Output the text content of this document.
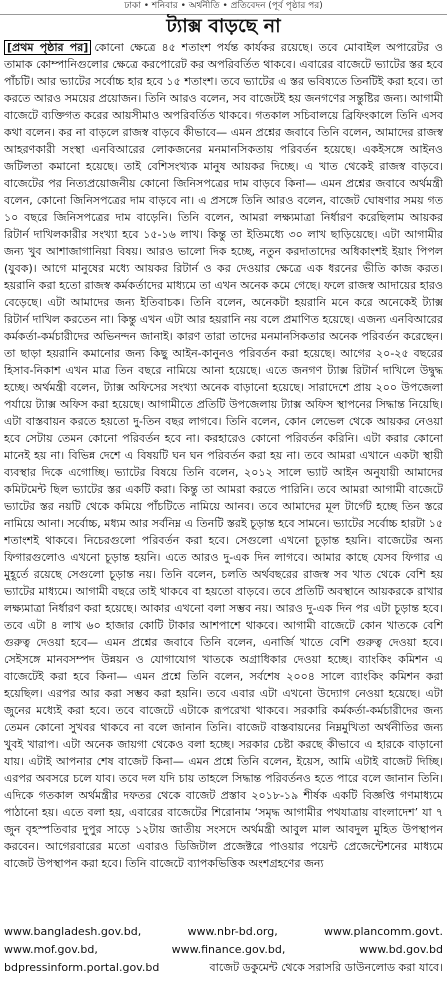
ঢাকা • শনিবার • অর্থনীতি • প্রতিবেদন (পূর্ব পৃষ্ঠার পর)
ট্যাক্স বাড়ছে না

[প্রথম পৃষ্ঠার পর] কোনো ক্ষেত্রে ৪৫ শতাংশ পর্যন্ত কার্যকর রয়েছে। তবে মোবাইল অপারেটর ও তামাক কোম্পানিগুলোর ক্ষেত্রে করপোরেট কর অপরিবর্তিত থাকবে। এবারের বাজেটে ভ্যাটের স্তর হবে পাঁচটি। আর ভ্যাটের সর্বোচ্চ হার হবে ১৫ শতাংশ। তবে ভ্যাটের এ স্তর ভবিষ্যতে তিনটিই করা হবে। তা করতে আরও সময়ের প্রয়োজন। তিনি আরও বলেন, সব বাজেটই হয় জনগণের সন্তুষ্টির জন্য। আগামী বাজেটে ব্যক্তিগত করের আয়সীমাও অপরিবর্তিত থাকবে। গতকাল সচিবালয়ে ব্রিফিংকালে তিনি এসব কথা বলেন। কর না বাড়লে রাজস্ব বাড়বে কীভাবে— এমন প্রশ্নের জবাবে তিনি বলেন, আমাদের রাজস্ব আহরণকারী সংস্থা এনবিআরের লোকজনের মনমানসিকতায় পরিবর্তন হয়েছে। একইসঙ্গে আইনও জটিলতা কমানো হয়েছে। তাই বেশিসংখ্যক মানুষ আয়কর দিচ্ছে। এ খাত থেকেই রাজস্ব বাড়বে। বাজেটের পর নিত্যপ্রয়োজনীয় কোনো জিনিসপত্রের দাম বাড়বে কিনা— এমন প্রশ্নের জবাবে অর্থমন্ত্রী বলেন, কোনো জিনিসপত্রের দাম বাড়বে না। এ প্রসঙ্গে তিনি আরও বলেন, বাজেট ঘোষণার সময় গত ১০ বছরে জিনিসপত্রের দাম বাড়েনি। তিনি বলেন, আমরা লক্ষ্যমাত্রা নির্ধারণ করেছিলাম আয়কর রিটার্ন দাখিলকারীর সংখ্যা হবে ১৫-১৬ লাখ। কিন্তু তা ইতিমধ্যে ৩০ লাখ ছাড়িয়েছে। এটা আগামীর জন্য খুব আশাজাগানিয়া বিষয়। আরও ভালো দিক হচ্ছে, নতুন করদাতাদের অধিকাংশই ইয়াং পিপল (যুবক)। আগে মানুষের মধ্যে আয়কর রিটার্ন ও কর দেওয়ার ক্ষেত্রে এক ধরনের ভীতি কাজ করত। হয়রানি করা হতো রাজস্ব কর্মকর্তাদের মাধ্যমে তা এখন অনেক কমে গেছে। ফলে রাজস্ব আদায়ের হারও বেড়েছে। এটা আমাদের জন্য ইতিবাচক। তিনি বলেন, অনেকটা হয়রানি মনে করে অনেকেই ট্যাক্স রিটার্ন দাখিল করতেন না। কিন্তু এখন এটা আর হয়রানি নয় বলে প্রমাণিত হয়েছে। এজন্য এনবিআরের কর্মকর্তা-কর্মচারীদের অভিনন্দন জানাই। কারণ তারা তাদের মনমানসিকতার অনেক পরিবর্তন করেছেন। তা ছাড়া হয়রানি কমানোর জন্য কিছু আইন-কানুনও পরিবর্তন করা হয়েছে। আগের ২০-২৫ বছরের হিসাব-নিকাশ এখন মাত্র তিন বছরে নামিয়ে আনা হয়েছে। এতে জনগণ ট্যাক্স রিটার্ন দাখিলে উদ্বুদ্ধ হচ্ছে। অর্থমন্ত্রী বলেন, ট্যাক্স অফিসের সংখ্যা অনেক বাড়ানো হয়েছে। সারাদেশে প্রায় ২০০ উপজেলা পর্যায়ে ট্যাক্স অফিস করা হয়েছে। আগামীতে প্রতিটি উপজেলায় ট্যাক্স অফিস স্থাপনের সিদ্ধান্ত নিয়েছি। এটা বাস্তবায়ন করতে হয়তো দু-তিন বছর লাগবে। তিনি বলেন, কোন লেভেল থেকে আয়কর নেওয়া হবে সেটায় তেমন কোনো পরিবর্তন হবে না। করহারেও কোনো পরিবর্তন করিনি। এটা করার কোনো মানেই হয় না। বিভিন্ন দেশে এ বিষয়টি ঘন ঘন পরিবর্তন করা হয় না। তবে আমরা এখানে একটা স্থায়ী ব্যবস্থার দিকে এগোচ্ছি। ভ্যাটের বিষয়ে তিনি বলেন, ২০১২ সালে ভ্যাট আইন অনুযায়ী আমাদের কমিটমেন্ট ছিল ভ্যাটের স্তর একটি করা। কিন্তু তা আমরা করতে পারিনি। তবে আমরা আগামী বাজেটে ভ্যাটের স্তর নয়টি থেকে কমিয়ে পাঁচটিতে নামিয়ে আনব। তবে আমাদের মূল টার্গেট হচ্ছে তিন স্তরে নামিয়ে আনা। সর্বোচ্চ, মধ্যম আর সর্বনিম্ন এ তিনটি স্তরই চূড়ান্ত হবে সামনে। ভ্যাটের সর্বোচ্চ হারটা ১৫ শতাংশই থাকবে। নিচেরগুলো পরিবর্তন করা হবে। সেগুলো এখনো চূড়ান্ত হয়নি। বাজেটের অন্য ফিগারগুলোও এখনো চূড়ান্ত হয়নি। এতে আরও দু-এক দিন লাগবে। আমার কাছে যেসব ফিগার এ মুহূর্তে রয়েছে সেগুলো চূড়ান্ত নয়। তিনি বলেন, চলতি অর্থবছরের রাজস্ব সব খাত থেকে বেশি হয় ভ্যাটের মাধ্যমে। আগামী বছরে তাই থাকবে বা হয়তো বাড়বে। তবে প্রতিটি অবস্থানে আয়করকে রাখার লক্ষ্যমাত্রা নির্ধারণ করা হয়েছে। আকার এখনো বলা সম্ভব নয়। আরও দু-এক দিন পর এটা চূড়ান্ত হবে। তবে এটা ৪ লাখ ৬০ হাজার কোটি টাকার আশপাশে থাকবে। আগামী বাজেটে কোন খাতকে বেশি গুরুত্ব দেওয়া হবে— এমন প্রশ্নের জবাবে তিনি বলেন, এনার্জি খাতে বেশি গুরুত্ব দেওয়া হবে। সেইসঙ্গে মানবসম্পদ উন্নয়ন ও যোগাযোগ খাতকে অগ্রাধিকার দেওয়া হচ্ছে। ব্যাংকিং কমিশন এ বাজেটেই করা হবে কিনা— এমন প্রশ্নে তিনি বলেন, সর্বশেষ ২০০৪ সালে ব্যাংকিং কমিশন করা হয়েছিল। এরপর আর করা সম্ভব করা হয়নি। তবে এবার এটা এখনো উদ্যোগ নেওয়া হয়েছে। এটা জুনের মধ্যেই করা হবে। তবে বাজেটে এটাকে রূপরেখা থাকবে। সরকারি কর্মকর্তা-কর্মচারীদের জন্য তেমন কোনো সুখবর থাকবে না বলে জানান তিনি। বাজেট বাস্তবায়নের নিম্নমুখিতা অর্থনীতির জন্য খুবই খারাপ। এটা অনেক জায়গা থেকেও বলা হচ্ছে। সরকার চেষ্টা করছে কীভাবে এ হারকে বাড়ানো যায়। এটাই আপনার শেষ বাজেট কিনা— এমন প্রশ্নে তিনি বলেন, ইয়েস, আমি এটাই বাজেট দিচ্ছি। এরপর অবসরে চলে যাব। তবে দল যদি চায় তাহলে সিদ্ধান্ত পরিবর্তনও হতে পারে বলে জানান তিনি। এদিকে গতকাল অর্থমন্ত্রীর দফতর থেকে বাজেট প্রস্তাব ২০১৮-১৯ শীর্ষক একটি বিজ্ঞপ্তি গণমাধ্যমে পাঠানো হয়। এতে বলা হয়, এবারের বাজেটের শিরোনাম ‘সমৃদ্ধ আগামীর পথযাত্রায় বাংলাদেশ’ যা ৭ জুন বৃহস্পতিবার দুপুর সাড়ে ১২টায় জাতীয় সংসদে অর্থমন্ত্রী আবুল মাল আবদুল মুহিত উপস্থাপন করবেন। আগেরবারের মতো এবারও ডিজিটাল প্রজেক্টরে পাওয়ার পয়েন্ট প্রেজেন্টেশনের মাধ্যমে বাজেট উপস্থাপন করা হবে। তিনি বাজেটে ব্যাপকভিত্তিক অংশগ্রহণের জন্য

www.bangladesh.gov.bd,	www.nbr-bd.org,	www.plancomm.govt.
www.mof.gov.bd,	www.finance.gov.bd,	www.bd.gov.bd
bdpressinform.portal.gov.bd	বাজেট ডকুমেন্ট থেকে সরাসরি ডাউনলোড করা যাবে।
